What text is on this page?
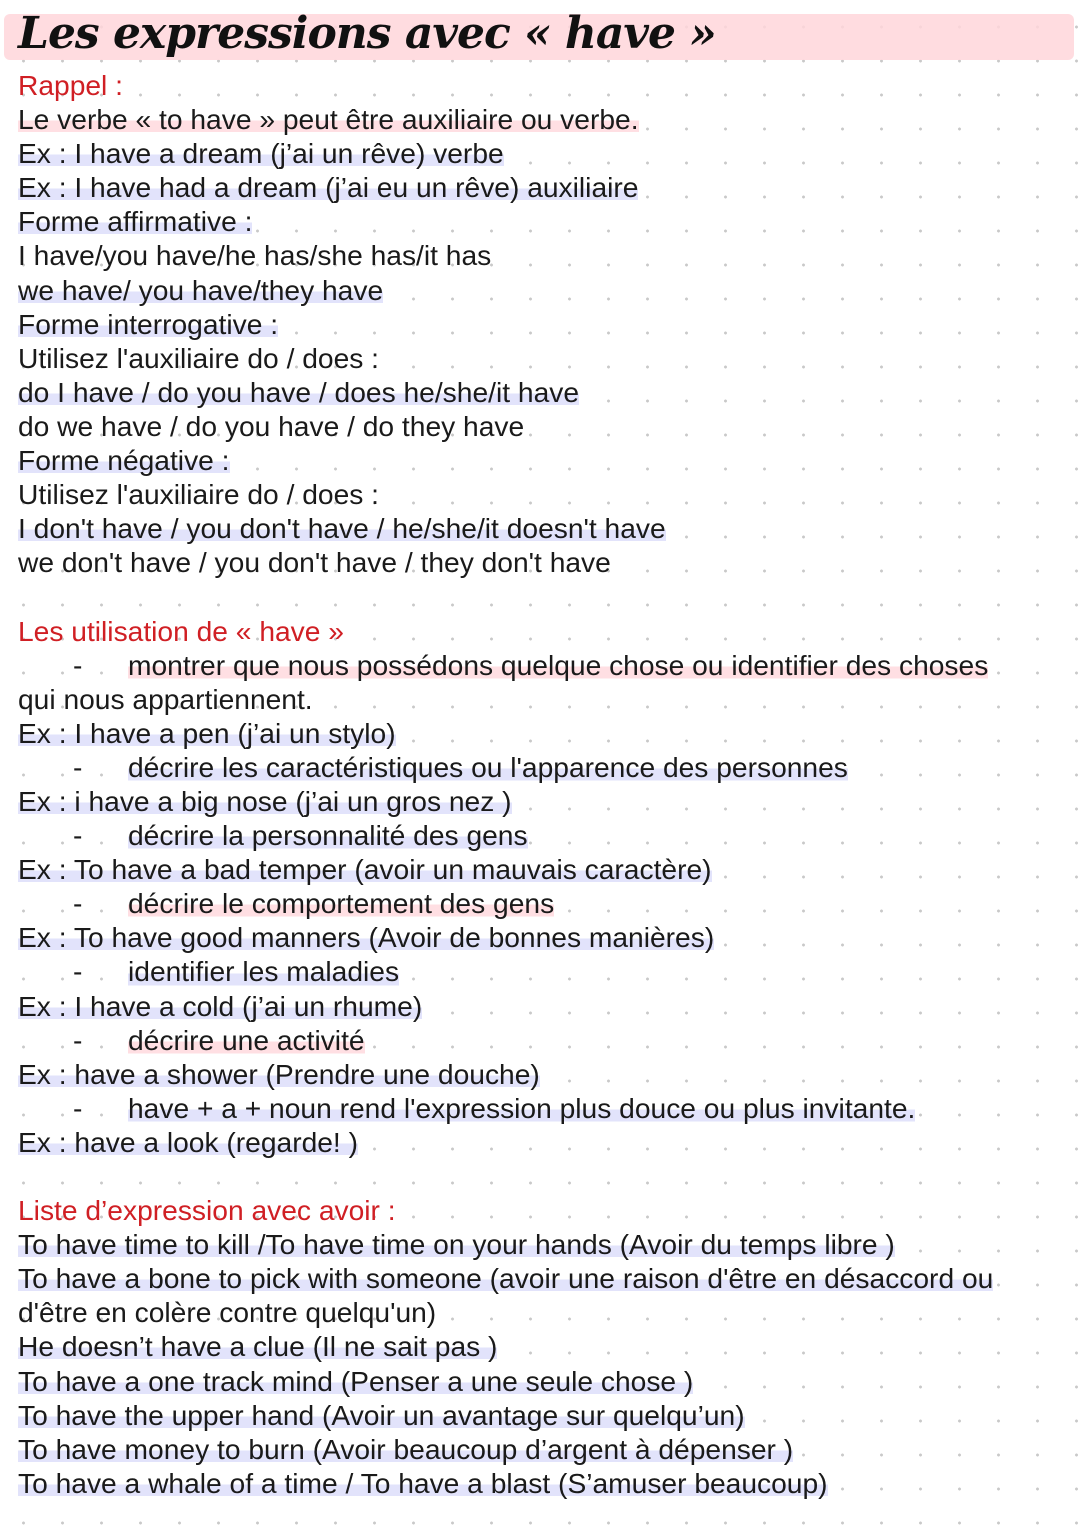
Les expressions avec « have »
Rappel :
Le verbe « to have » peut être auxiliaire ou verbe.
Ex : I have a dream (j’ai un rêve) verbe
Ex : I have had a dream (j’ai eu un rêve) auxiliaire
Forme affirmative :
I have/you have/he has/she has/it has
we have/ you have/they have
Forme interrogative :
Utilisez l'auxiliaire do / does :
do I have / do you have / does he/she/it have
do we have / do you have / do they have
Forme négative :
Utilisez l'auxiliaire do / does :
I don't have / you don't have / he/she/it doesn't have
we don't have / you don't have / they don't have
Les utilisation de « have »
-	montrer que nous possédons quelque chose ou identifier des choses
qui nous appartiennent.
Ex : I have a pen (j’ai un stylo)
-	décrire les caractéristiques ou l'apparence des personnes
Ex : i have a big nose (j’ai un gros nez )
-	décrire la personnalité des gens
Ex : To have a bad temper (avoir un mauvais caractère)
-	décrire le comportement des gens
Ex : To have good manners (Avoir de bonnes manières)
-	identifier les maladies
Ex : I have a cold (j’ai un rhume)
-	décrire une activité
Ex : have a shower (Prendre une douche)
-	have + a + noun rend l'expression plus douce ou plus invitante.
Ex : have a look (regarde! )
Liste d’expression avec avoir :
To have time to kill /To have time on your hands (Avoir du temps libre )
To have a bone to pick with someone (avoir une raison d'être en désaccord ou
d'être en colère contre quelqu'un)
He doesn’t have a clue (Il ne sait pas )
To have a one track mind (Penser a une seule chose )
To have the upper hand (Avoir un avantage sur quelqu’un)
To have money to burn (Avoir beaucoup d’argent à dépenser )
To have a whale of a time / To have a blast (S’amuser beaucoup)
